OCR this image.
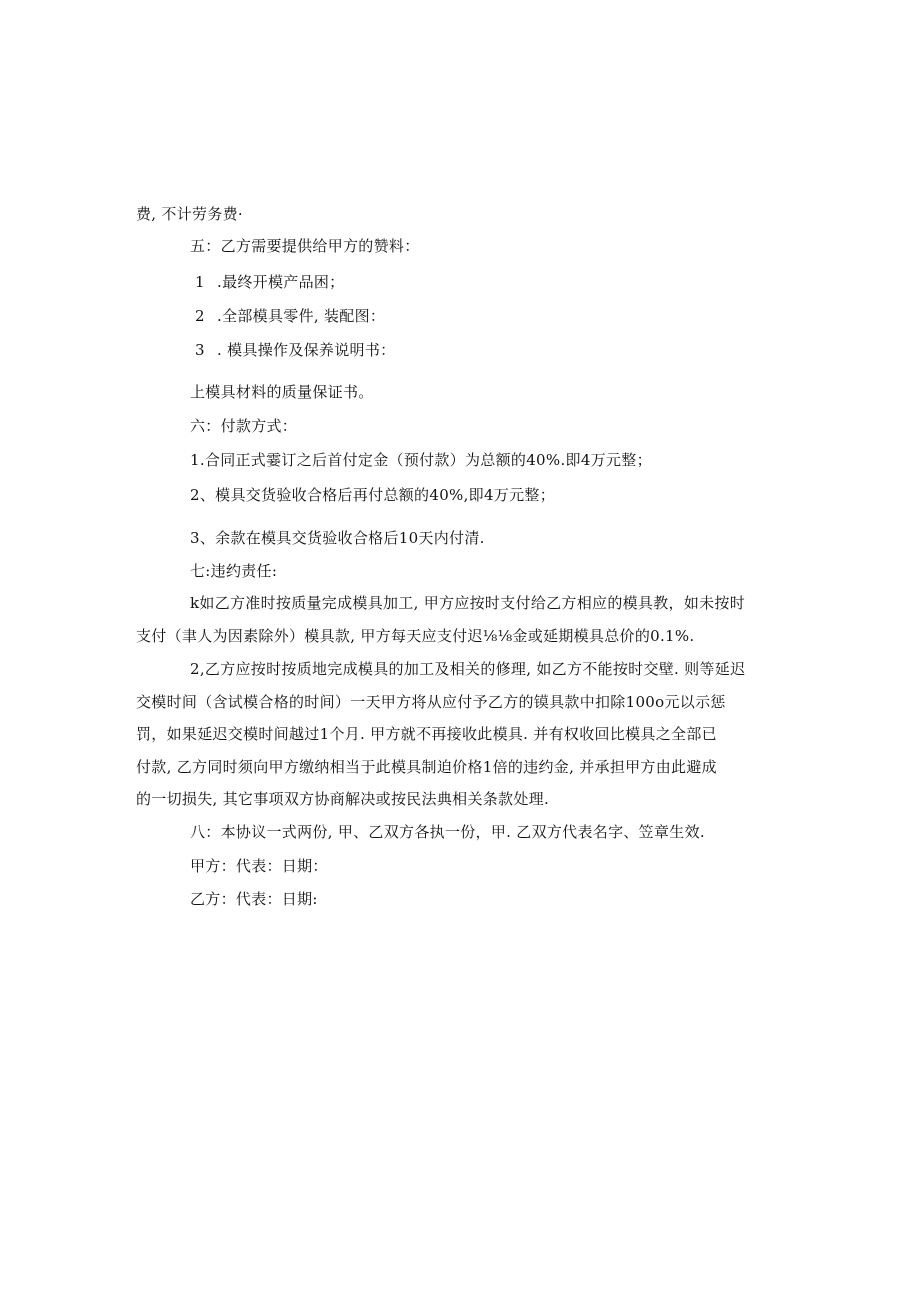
费, 不计劳务费·
五：乙方需要提供给甲方的赞料：
1 .最终开模产品困；
2 .全部模具零件, 装配图：
3 . 模具操作及保养说明书：
上模具材料的质量保证书。
六：付款方式：
1.合同正式霎订之后首付定金（预付款）为总额的40%.即4万元整；
2、模具交货验收合格后再付总额的40%,即4万元整；
3、余款在模具交货验收合格后10天内付清.
七:违约责任:
k如乙方准时按质量完成模具加工, 甲方应按时支付给乙方相应的模具教，如未按时
支付（聿人为因素除外）模具款, 甲方每天应支付迟⅛⅛金或延期模具总价的0.1%.
2,乙方应按时按质地完成模具的加工及相关的修理, 如乙方不能按时交壁. 则等延迟
交模时间（含试模合格的时间）一天甲方将从应付予乙方的镆具款中扣除100o元以示惩
罚，如果延迟交模时间越过1个月. 甲方就不再接收此模具. 并有权收回比模具之全部已
付款, 乙方同时须向甲方缴纳相当于此模具制迫价格1倍的违约金, 并承担甲方由此避成
的一切损失, 其它事项双方协商解决或按民法典相关条款处理.
八：本协议一式两份, 甲、乙双方各执一份，甲. 乙双方代表名字、笠章生效.
甲方：代表：日期：
乙方：代表：日期:
